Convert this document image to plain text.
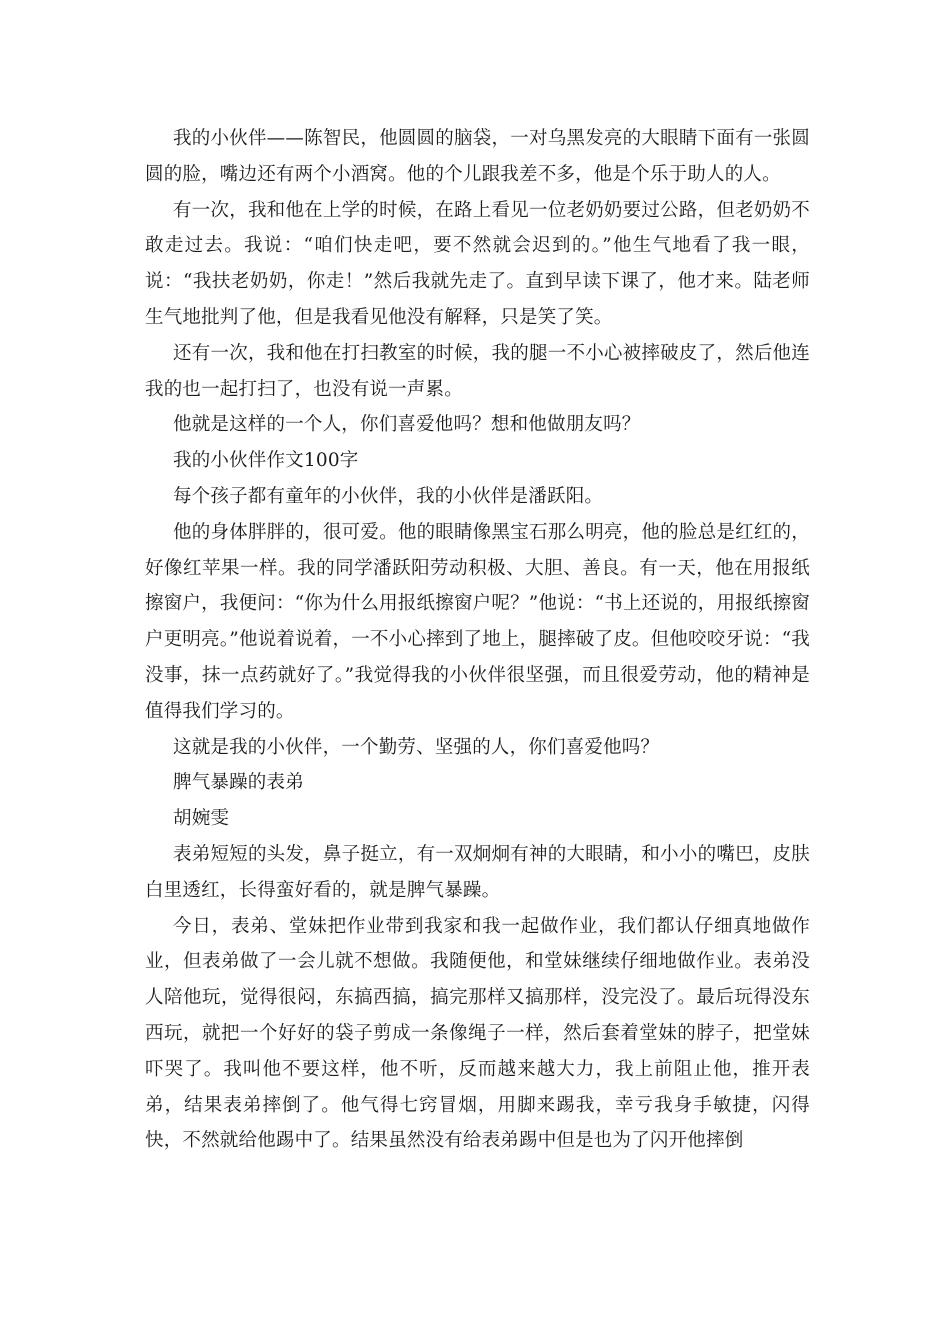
我的小伙伴——陈智民，他圆圆的脑袋，一对乌黑发亮的大眼睛下面有一张圆圆的脸，嘴边还有两个小酒窝。他的个儿跟我差不多，他是个乐于助人的人。

有一次，我和他在上学的时候，在路上看见一位老奶奶要过公路，但老奶奶不敢走过去。我说：“咱们快走吧，要不然就会迟到的。”他生气地看了我一眼，说：“我扶老奶奶，你走！”然后我就先走了。直到早读下课了，他才来。陆老师生气地批判了他，但是我看见他没有解释，只是笑了笑。

还有一次，我和他在打扫教室的时候，我的腿一不小心被摔破皮了，然后他连我的也一起打扫了，也没有说一声累。

他就是这样的一个人，你们喜爱他吗？想和他做朋友吗？

我的小伙伴作文100字

每个孩子都有童年的小伙伴，我的小伙伴是潘跃阳。

他的身体胖胖的，很可爱。他的眼睛像黑宝石那么明亮，他的脸总是红红的，好像红苹果一样。我的同学潘跃阳劳动积极、大胆、善良。有一天，他在用报纸擦窗户，我便问：“你为什么用报纸擦窗户呢？”他说：“书上还说的，用报纸擦窗户更明亮。”他说着说着，一不小心摔到了地上，腿摔破了皮。但他咬咬牙说：“我没事，抹一点药就好了。”我觉得我的小伙伴很坚强，而且很爱劳动，他的精神是值得我们学习的。

这就是我的小伙伴，一个勤劳、坚强的人，你们喜爱他吗？

脾气暴躁的表弟

胡婉雯

表弟短短的头发，鼻子挺立，有一双炯炯有神的大眼睛，和小小的嘴巴，皮肤白里透红，长得蛮好看的，就是脾气暴躁。

今日，表弟、堂妹把作业带到我家和我一起做作业，我们都认仔细真地做作业，但表弟做了一会儿就不想做。我随便他，和堂妹继续仔细地做作业。表弟没人陪他玩，觉得很闷，东搞西搞，搞完那样又搞那样，没完没了。最后玩得没东西玩，就把一个好好的袋子剪成一条像绳子一样，然后套着堂妹的脖子，把堂妹吓哭了。我叫他不要这样，他不听，反而越来越大力，我上前阻止他，推开表弟，结果表弟摔倒了。他气得七窍冒烟，用脚来踢我，幸亏我身手敏捷，闪得快，不然就给他踢中了。结果虽然没有给表弟踢中但是也为了闪开他摔倒
